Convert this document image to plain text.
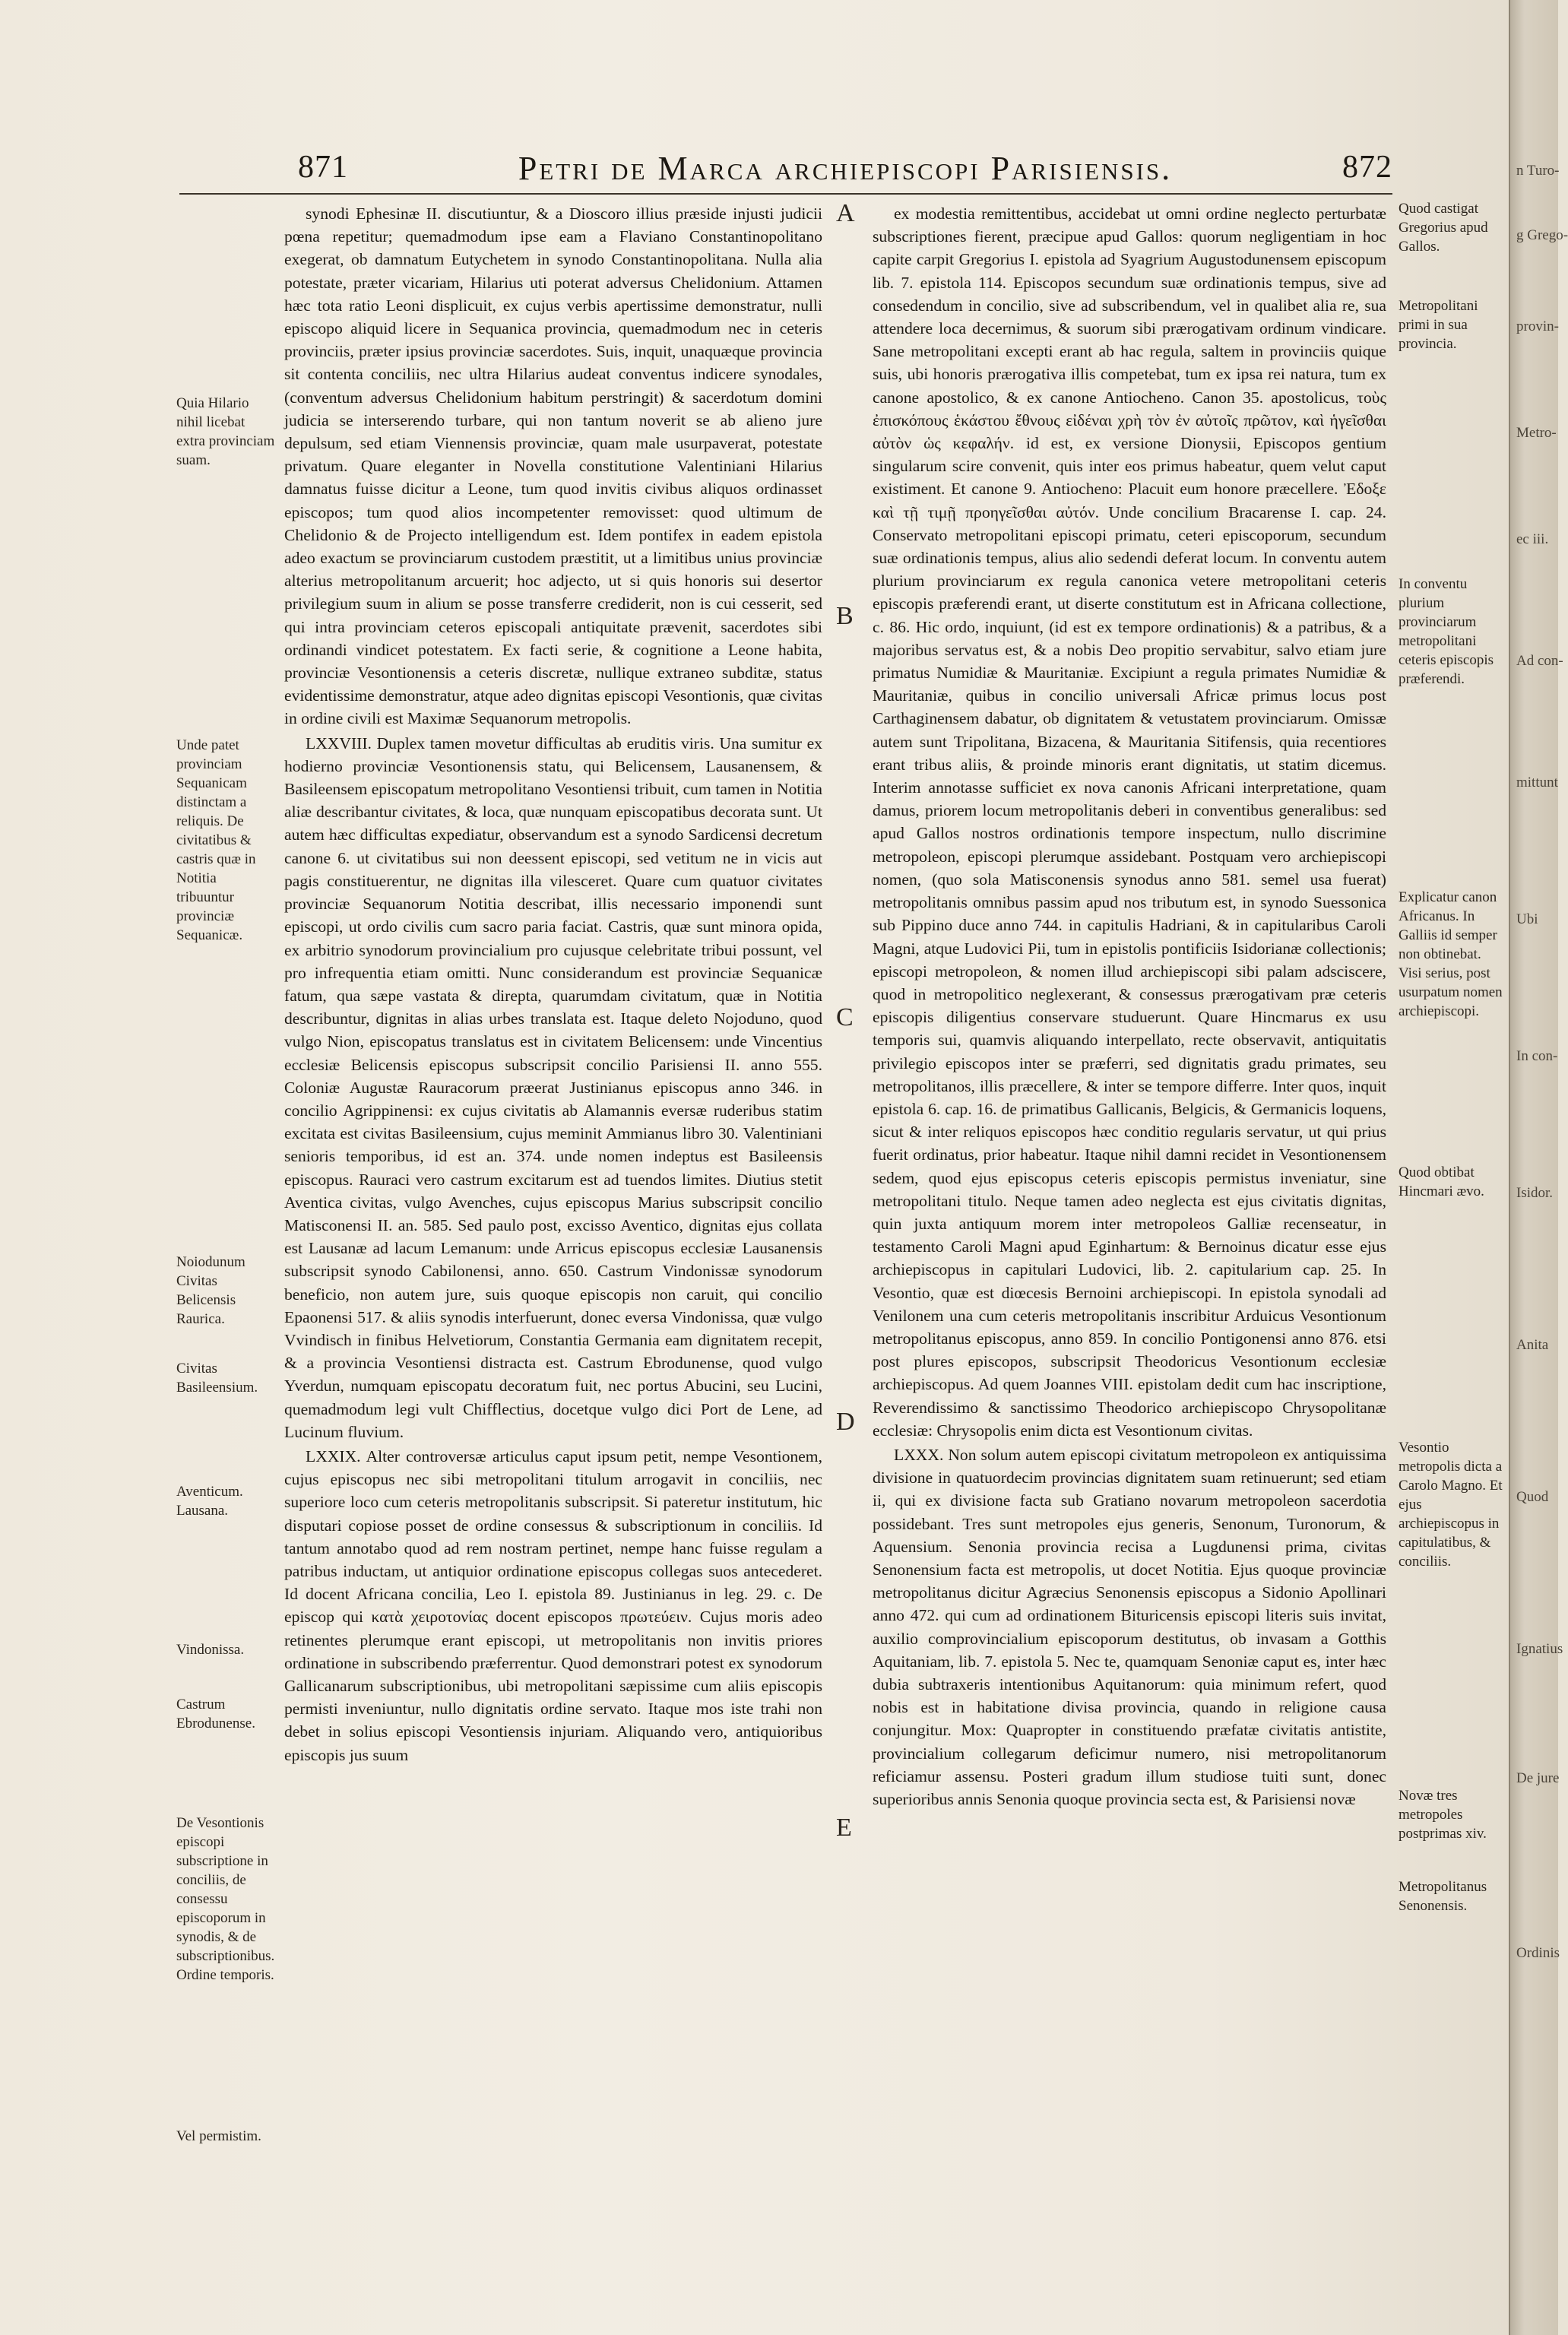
871	Petri de Marca archiepiscopi Parisiensis.	872
Quia Hilario nihil licebat extra provinciam suam.
Unde patet provinciam Sequanicam distinctam a reliquis. De civitatibus & castris quæ in Notitia tribuuntur provinciæ Sequanicæ.
Noiodunum Civitas Belicensis Raurica.
Civitas Basileensium.
Aventicum. Lausana.
Vindonissa.
Castrum Ebrodunense.
De Vesontionis episcopi subscriptione in conciliis, de consessu episcoporum in synodis, & de subscriptionibus. Ordine temporis.
Vel permistim.

synodi Ephesinæ II. discutiuntur, & a Dioscoro illius præside injusti judicii pœna repetitur; quemadmodum ipse eam a Flaviano Constantinopolitano exegerat, ob damnatum Eutychetem in synodo Constantinopolitana. Nulla alia potestate, præter vicariam, Hilarius uti poterat adversus Chelidonium. Attamen hæc tota ratio Leoni displicuit, ex cujus verbis apertissime demonstratur, nulli episcopo aliquid licere in Sequanica provincia, quemadmodum nec in ceteris provinciis, præter ipsius provinciæ sacerdotes. Suis, inquit, unaquæque provincia sit contenta conciliis, nec ultra Hilarius audeat conventus indicere synodales, (conventum adversus Chelidonium habitum perstringit) & sacerdotum domini judicia se interserendo turbare, qui non tantum noverit se ab alieno jure depulsum, sed etiam Viennensis provinciæ, quam male usurpaverat, potestate privatum. Quare eleganter in Novella constitutione Valentiniani Hilarius damnatus fuisse dicitur a Leone, tum quod invitis civibus aliquos ordinasset episcopos; tum quod alios incompetenter removisset: quod ultimum de Chelidonio & de Projecto intelligendum est. Idem pontifex in eadem epistola adeo exactum se provinciarum custodem præstitit, ut a limitibus unius provinciæ alterius metropolitanum arcuerit; hoc adjecto, ut si quis honoris sui desertor privilegium suum in alium se posse transferre crediderit, non is cui cesserit, sed qui intra provinciam ceteros episcopali antiquitate prævenit, sacerdotes sibi ordinandi vindicet potestatem. Ex facti serie, & cognitione a Leone habita, provinciæ Vesontionensis a ceteris discretæ, nullique extraneo subditæ, status evidentissime demonstratur, atque adeo dignitas episcopi Vesontionis, quæ civitas in ordine civili est Maximæ Sequanorum metropolis.

LXXVIII. Duplex tamen movetur difficultas ab eruditis viris. Una sumitur ex hodierno provinciæ Vesontionensis statu, qui Belicensem, Lausanensem, & Basileensem episcopatum metropolitano Vesontiensi tribuit, cum tamen in Notitia aliæ describantur civitates, & loca, quæ nunquam episcopatibus decorata sunt. Ut autem hæc difficultas expediatur, observandum est a synodo Sardicensi decretum canone 6. ut civitatibus sui non deessent episcopi, sed vetitum ne in vicis aut pagis constituerentur, ne dignitas illa vilesceret. Quare cum quatuor civitates provinciæ Sequanorum Notitia describat, illis necessario imponendi sunt episcopi, ut ordo civilis cum sacro paria faciat. Castris, quæ sunt minora opida, ex arbitrio synodorum provincialium pro cujusque celebritate tribui possunt, vel pro infrequentia etiam omitti. Nunc considerandum est provinciæ Sequanicæ fatum, qua sæpe vastata & direpta, quarumdam civitatum, quæ in Notitia describuntur, dignitas in alias urbes translata est. Itaque deleto Nojoduno, quod vulgo Nion, episcopatus translatus est in civitatem Belicensem: unde Vincentius ecclesiæ Belicensis episcopus subscripsit concilio Parisiensi II. anno 555. Coloniæ Augustæ Rauracorum præerat Justinianus episcopus anno 346. in concilio Agrippinensi: ex cujus civitatis ab Alamannis eversæ ruderibus statim excitata est civitas Basileensium, cujus meminit Ammianus libro 30. Valentiniani senioris temporibus, id est an. 374. unde nomen indeptus est Basileensis episcopus. Rauraci vero castrum excitarum est ad tuendos limites. Diutius stetit Aventica civitas, vulgo Avenches, cujus episcopus Marius subscripsit concilio Matisconensi II. an. 585. Sed paulo post, excisso Aventico, dignitas ejus collata est Lausanæ ad lacum Lemanum: unde Arricus episcopus ecclesiæ Lausanensis subscripsit synodo Cabilonensi, anno. 650. Castrum Vindonissæ synodorum beneficio, non autem jure, suis quoque episcopis non caruit, qui concilio Epaonensi 517. & aliis synodis interfuerunt, donec eversa Vindonissa, quæ vulgo Vvindisch in finibus Helvetiorum, Constantia Germania eam dignitatem recepit, & a provincia Vesontiensi distracta est. Castrum Ebrodunense, quod vulgo Yverdun, numquam episcopatu decoratum fuit, nec portus Abucini, seu Lucini, quemadmodum legi vult Chifflectius, docetque vulgo dici Port de Lene, ad Lucinum fluvium.

LXXIX. Alter controversæ articulus caput ipsum petit, nempe Vesontionem, cujus episcopus nec sibi metropolitani titulum arrogavit in conciliis, nec superiore loco cum ceteris metropolitanis subscripsit. Si pateretur institutum, hic disputari copiose posset de ordine consessus & subscriptionum in conciliis. Id tantum annotabo quod ad rem nostram pertinet, nempe hanc fuisse regulam a patribus inductam, ut antiquior ordinatione episcopus collegas suos antecederet. Id docent Africana concilia, Leo I. epistola 89. Justinianus in leg. 29. c. De episcop qui κατὰ χειροτονίας docent episcopos πρωτεύειν. Cujus moris adeo retinentes plerumque erant episcopi, ut metropolitanis non invitis priores ordinatione in subscribendo præferrentur. Quod demonstrari potest ex synodorum Gallicanarum subscriptionibus, ubi metropolitani sæpissime cum aliis episcopis permisti inveniuntur, nullo dignitatis ordine servato. Itaque mos iste trahi non debet in solius episcopi Vesontiensis injuriam. Aliquando vero, antiquioribus episcopis jus suum

A
B
C
D
E

ex modestia remittentibus, accidebat ut omni ordine neglecto perturbatæ subscriptiones fierent, præcipue apud Gallos: quorum negligentiam in hoc capite carpit Gregorius I. epistola ad Syagrium Augustodunensem episcopum lib. 7. epistola 114. Episcopos secundum suæ ordinationis tempus, sive ad consedendum in concilio, sive ad subscribendum, vel in qualibet alia re, sua attendere loca decernimus, & suorum sibi prærogativam ordinum vindicare. Sane metropolitani excepti erant ab hac regula, saltem in provinciis quique suis, ubi honoris prærogativa illis competebat, tum ex ipsa rei natura, tum ex canone apostolico, & ex canone Antiocheno. Canon 35. apostolicus, τοὺς ἐπισκόπους ἑκάστου ἔθνους εἰδέναι χρὴ τὸν ἐν αὐτοῖς πρῶτον, καὶ ἡγεῖσθαι αὐτὸν ὡς κεφαλήν. id est, ex versione Dionysii, Episcopos gentium singularum scire convenit, quis inter eos primus habeatur, quem velut caput existiment. Et canone 9. Antiocheno: Placuit eum honore præcellere. Ἐδοξε καὶ τῇ τιμῇ προηγεῖσθαι αὐτόν. Unde concilium Bracarense I. cap. 24. Conservato metropolitani episcopi primatu, ceteri episcoporum, secundum suæ ordinationis tempus, alius alio sedendi deferat locum. In conventu autem plurium provinciarum ex regula canonica vetere metropolitani ceteris episcopis præferendi erant, ut diserte constitutum est in Africana collectione, c. 86. Hic ordo, inquiunt, (id est ex tempore ordinationis) & a patribus, & a majoribus servatus est, & a nobis Deo propitio servabitur, salvo etiam jure primatus Numidiæ & Mauritaniæ. Excipiunt a regula primates Numidiæ & Mauritaniæ, quibus in concilio universali Africæ primus locus post Carthaginensem dabatur, ob dignitatem & vetustatem provinciarum. Omissæ autem sunt Tripolitana, Bizacena, & Mauritania Sitifensis, quia recentiores erant tribus aliis, & proinde minoris erant dignitatis, ut statim dicemus. Interim annotasse sufficiet ex nova canonis Africani interpretatione, quam damus, priorem locum metropolitanis deberi in conventibus generalibus: sed apud Gallos nostros ordinationis tempore inspectum, nullo discrimine metropoleon, episcopi plerumque assidebant. Postquam vero archiepiscopi nomen, (quo sola Matisconensis synodus anno 581. semel usa fuerat) metropolitanis omnibus passim apud nos tributum est, in synodo Suessonica sub Pippino duce anno 744. in capitulis Hadriani, & in capitularibus Caroli Magni, atque Ludovici Pii, tum in epistolis pontificiis Isidorianæ collectionis; episcopi metropoleon, & nomen illud archiepiscopi sibi palam adsciscere, quod in metropolitico neglexerant, & consessus prærogativam præ ceteris episcopis diligentius conservare studuerunt. Quare Hincmarus ex usu temporis sui, quamvis aliquando interpellato, recte observavit, antiquitatis privilegio episcopos inter se præferri, sed dignitatis gradu primates, seu metropolitanos, illis præcellere, & inter se tempore differre. Inter quos, inquit epistola 6. cap. 16. de primatibus Gallicanis, Belgicis, & Germanicis loquens, sicut & inter reliquos episcopos hæc conditio regularis servatur, ut qui prius fuerit ordinatus, prior habeatur. Itaque nihil damni recidet in Vesontionensem sedem, quod ejus episcopus ceteris episcopis permistus inveniatur, sine metropolitani titulo. Neque tamen adeo neglecta est ejus civitatis dignitas, quin juxta antiquum morem inter metropoleos Galliæ recenseatur, in testamento Caroli Magni apud Eginhartum: & Bernoinus dicatur esse ejus archiepiscopus in capitulari Ludovici, lib. 2. capitularium cap. 25. In Vesontio, quæ est diœcesis Bernoini archiepiscopi. In epistola synodali ad Venilonem una cum ceteris metropolitanis inscribitur Arduicus Vesontionum metropolitanus episcopus, anno 859. In concilio Pontigonensi anno 876. etsi post plures episcopos, subscripsit Theodoricus Vesontionum ecclesiæ archiepiscopus. Ad quem Joannes VIII. epistolam dedit cum hac inscriptione, Reverendissimo & sanctissimo Theodorico archiepiscopo Chrysopolitanæ ecclesiæ: Chrysopolis enim dicta est Vesontionum civitas.

LXXX. Non solum autem episcopi civitatum metropoleon ex antiquissima divisione in quatuordecim provincias dignitatem suam retinuerunt; sed etiam ii, qui ex divisione facta sub Gratiano novarum metropoleon sacerdotia possidebant. Tres sunt metropoles ejus generis, Senonum, Turonorum, & Aquensium. Senonia provincia recisa a Lugdunensi prima, civitas Senonensium facta est metropolis, ut docet Notitia. Ejus quoque provinciæ metropolitanus dicitur Agræcius Senonensis episcopus a Sidonio Apollinari anno 472. qui cum ad ordinationem Bituricensis episcopi literis suis invitat, auxilio comprovincialium episcoporum destitutus, ob invasam a Gotthis Aquitaniam, lib. 7. epistola 5. Nec te, quamquam Senoniæ caput es, inter hæc dubia subtraxeris intentionibus Aquitanorum: quia minimum refert, quod nobis est in habitatione divisa provincia, quando in religione causa conjungitur. Mox: Quapropter in constituendo præfatæ civitatis antistite, provincialium collegarum deficimur numero, nisi metropolitanorum reficiamur assensu. Posteri gradum illum studiose tuiti sunt, donec superioribus annis Senonia quoque provincia secta est, & Parisiensi novæ

Quod castigat Gregorius apud Gallos.
Metropolitani primi in sua provincia.
In conventu plurium provinciarum metropolitani ceteris episcopis præferendi.
Explicatur canon Africanus. In Galliis id semper non obtinebat. Visi serius, post usurpatum nomen archiepiscopi.
Quod obtibat Hincmari ævo.
Vesontio metropolis dicta a Carolo Magno. Et ejus archiepiscopus in capitulatibus, & conciliis.
Novæ tres metropoles postprimas xiv.
Metropolitanus Senonensis.
n Turo-
g Grego-
provin-
Metro-
ec iii.
Ad con-
mittunt
Ubi
In con-
Isidor.
Anita
Quod
Ignatius
De jure
Ordinis
